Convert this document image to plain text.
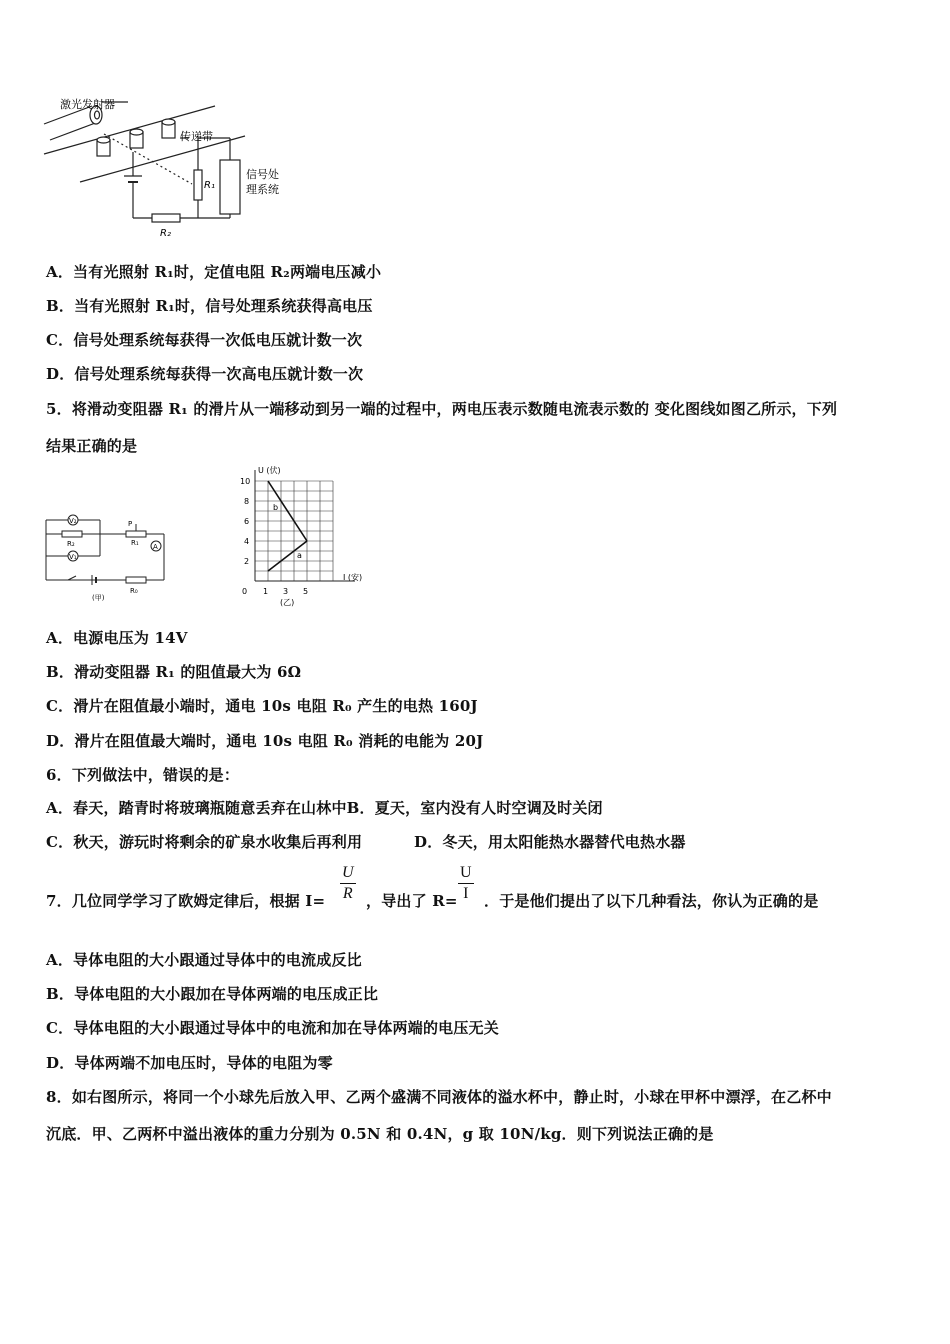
激光发射器
传递带
R₁
R₂
信号处
理系统
A．当有光照射 R₁时，定值电阻 R₂两端电压减小
B．当有光照射 R₁时，信号处理系统获得高电压
C．信号处理系统每获得一次低电压就计数一次
D．信号处理系统每获得一次高电压就计数一次
5．将滑动变阻器 R₁ 的滑片从一端移动到另一端的过程中，两电压表示数随电流表示数的 变化图线如图乙所示，下列
结果正确的是
V₂
R₂
P
R₁ A
V₁
R₀
(甲)
U (伏)
I (安)
10
8
6
4
2
0 1 3 5
(乙)
b
a
A．电源电压为 14V
B．滑动变阻器 R₁ 的阻值最大为 6Ω
C．滑片在阻值最小端时，通电 10s 电阻 R₀ 产生的电热 160J
D．滑片在阻值最大端时，通电 10s 电阻 R₀ 消耗的电能为 20J
6．下列做法中，错误的是：
A．春天，踏青时将玻璃瓶随意丢弃在山林中B．夏天，室内没有人时空调及时关闭
C．秋天，游玩时将剩余的矿泉水收集后再利用	D．冬天，用太阳能热水器替代电热水器
7．几位同学学习了欧姆定律后，根据 I=
U
R ，导出了 R=
U
I	．于是他们提出了以下几种看法，你认为正确的是
A．导体电阻的大小跟通过导体中的电流成反比
B．导体电阻的大小跟加在导体两端的电压成正比
C．导体电阻的大小跟通过导体中的电流和加在导体两端的电压无关
D．导体两端不加电压时，导体的电阻为零
8．如右图所示，将同一个小球先后放入甲、乙两个盛满不同液体的溢水杯中，静止时，小球在甲杯中漂浮，在乙杯中
沉底．甲、乙两杯中溢出液体的重力分别为 0.5N 和 0.4N，g 取 10N/kg．则下列说法正确的是
